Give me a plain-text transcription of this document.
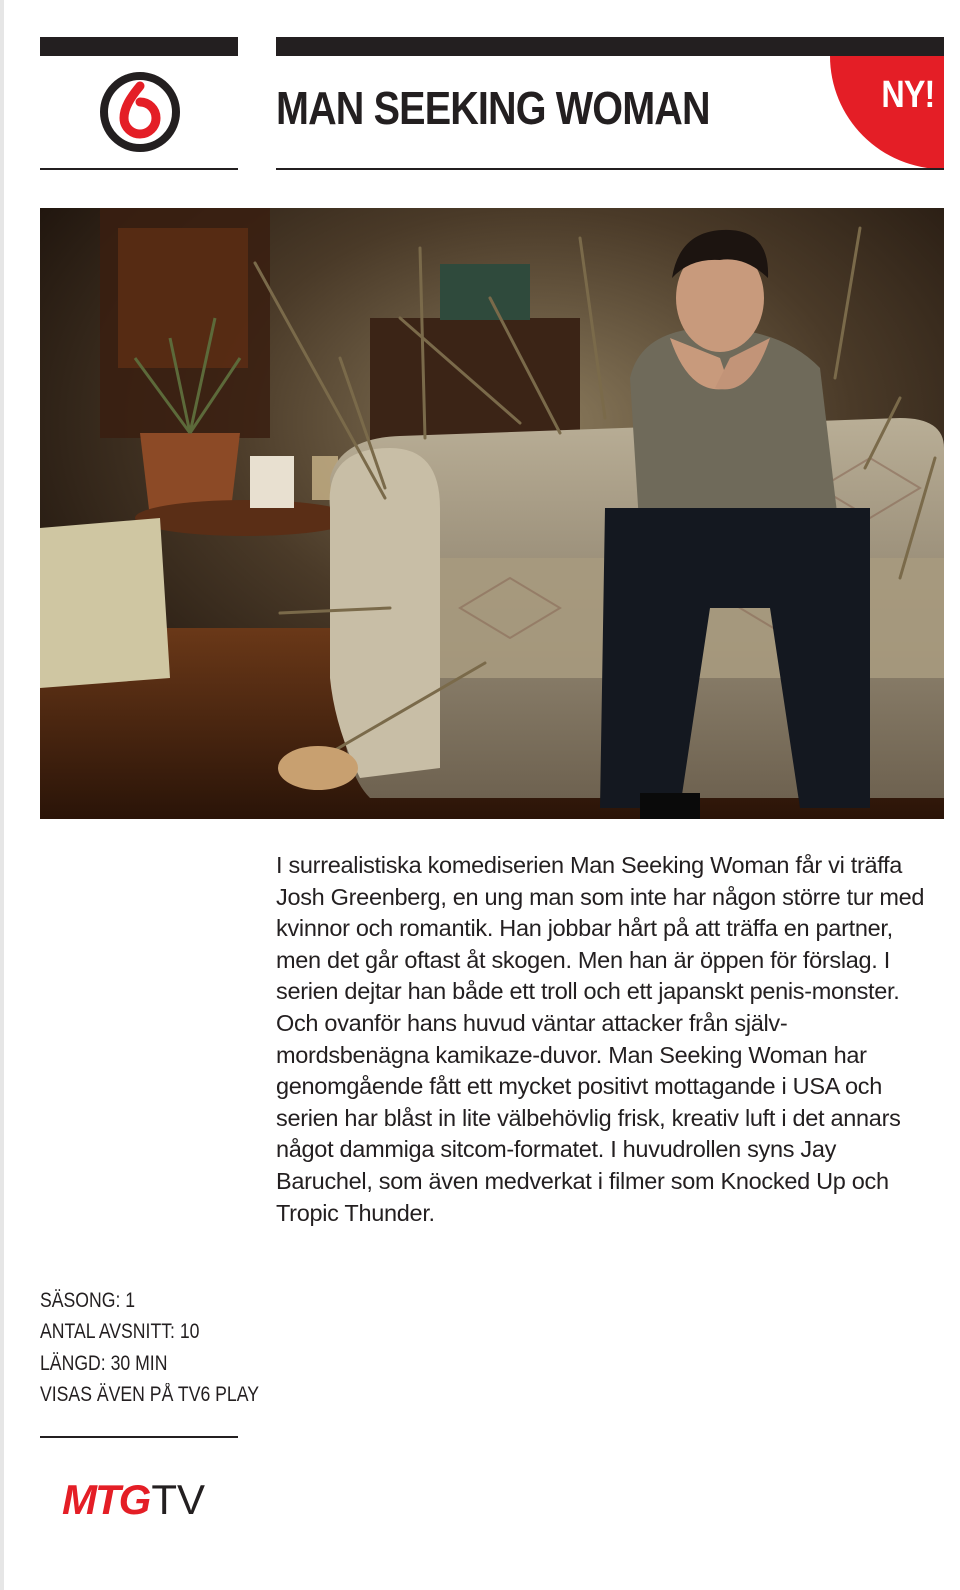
MAN SEEKING WOMAN	NY!

I surrealistiska komediserien Man Seeking Woman får vi träffa Josh Greenberg, en ung man som inte har någon större tur med kvinnor och romantik. Han jobbar hårt på att träffa en partner, men det går oftast åt skogen. Men han är öppen för förslag. I serien dejtar han både ett troll och ett japanskt penis-monster. Och ovanför hans huvud väntar attacker från själv-mordsbenägna kamikaze-duvor. Man Seeking Woman har genomgående fått ett mycket positivt mottagande i USA och serien har blåst in lite välbehövlig frisk, kreativ luft i det annars något dammiga sitcom-formatet. I huvudrollen syns Jay Baruchel, som även medverkat i filmer som Knocked Up och Tropic Thunder.

SÄSONG: 1
ANTAL AVSNITT: 10
LÄNGD: 30 MIN
VISAS ÄVEN PÅ TV6 PLAY
MTGTV
